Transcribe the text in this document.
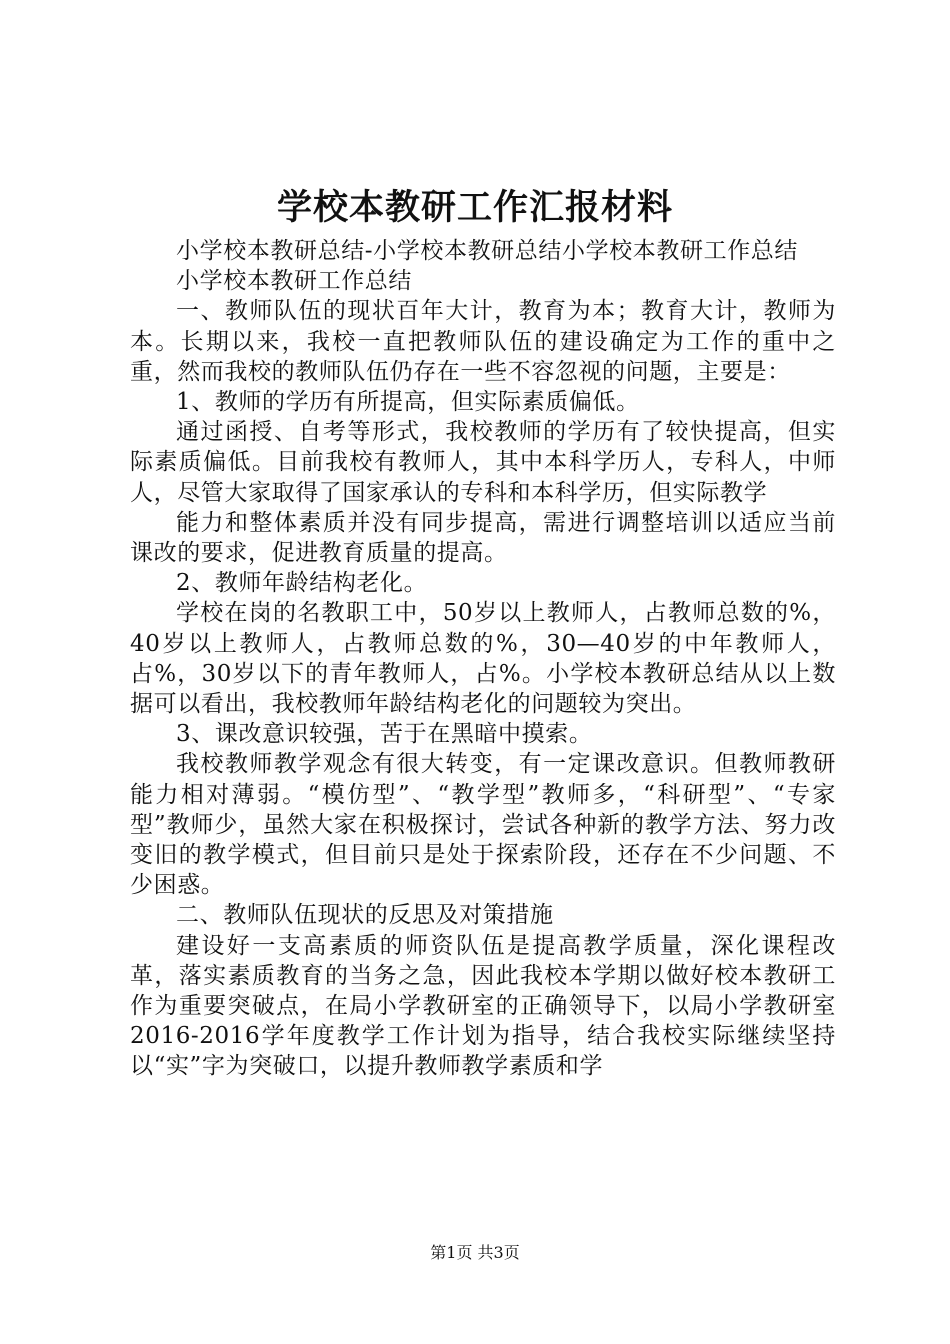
学校本教研工作汇报材料

小学校本教研总结-小学校本教研总结小学校本教研工作总结

小学校本教研工作总结

一、教师队伍的现状百年大计，教育为本；教育大计，教师为本。长期以来，我校一直把教师队伍的建设确定为工作的重中之重，然而我校的教师队伍仍存在一些不容忽视的问题，主要是：

1、教师的学历有所提高，但实际素质偏低。

通过函授、自考等形式，我校教师的学历有了较快提高，但实际素质偏低。目前我校有教师人，其中本科学历人，专科人，中师人，尽管大家取得了国家承认的专科和本科学历，但实际教学

能力和整体素质并没有同步提高，需进行调整培训以适应当前课改的要求，促进教育质量的提高。

2、教师年龄结构老化。

学校在岗的名教职工中，50岁以上教师人，占教师总数的%，40岁以上教师人，占教师总数的%，30—40岁的中年教师人，占%，30岁以下的青年教师人，占%。小学校本教研总结从以上数据可以看出，我校教师年龄结构老化的问题较为突出。

3、课改意识较强，苦于在黑暗中摸索。

我校教师教学观念有很大转变，有一定课改意识。但教师教研能力相对薄弱。“模仿型”、“教学型”教师多，“科研型”、“专家型”教师少，虽然大家在积极探讨，尝试各种新的教学方法、努力改变旧的教学模式，但目前只是处于探索阶段，还存在不少问题、不少困惑。

二、教师队伍现状的反思及对策措施

建设好一支高素质的师资队伍是提高教学质量，深化课程改革，落实素质教育的当务之急，因此我校本学期以做好校本教研工作为重要突破点，在局小学教研室的正确领导下，以局小学教研室2016-2016学年度教学工作计划为指导，结合我校实际继续坚持以“实”字为突破口，以提升教师教学素质和学

第1页 共3页
